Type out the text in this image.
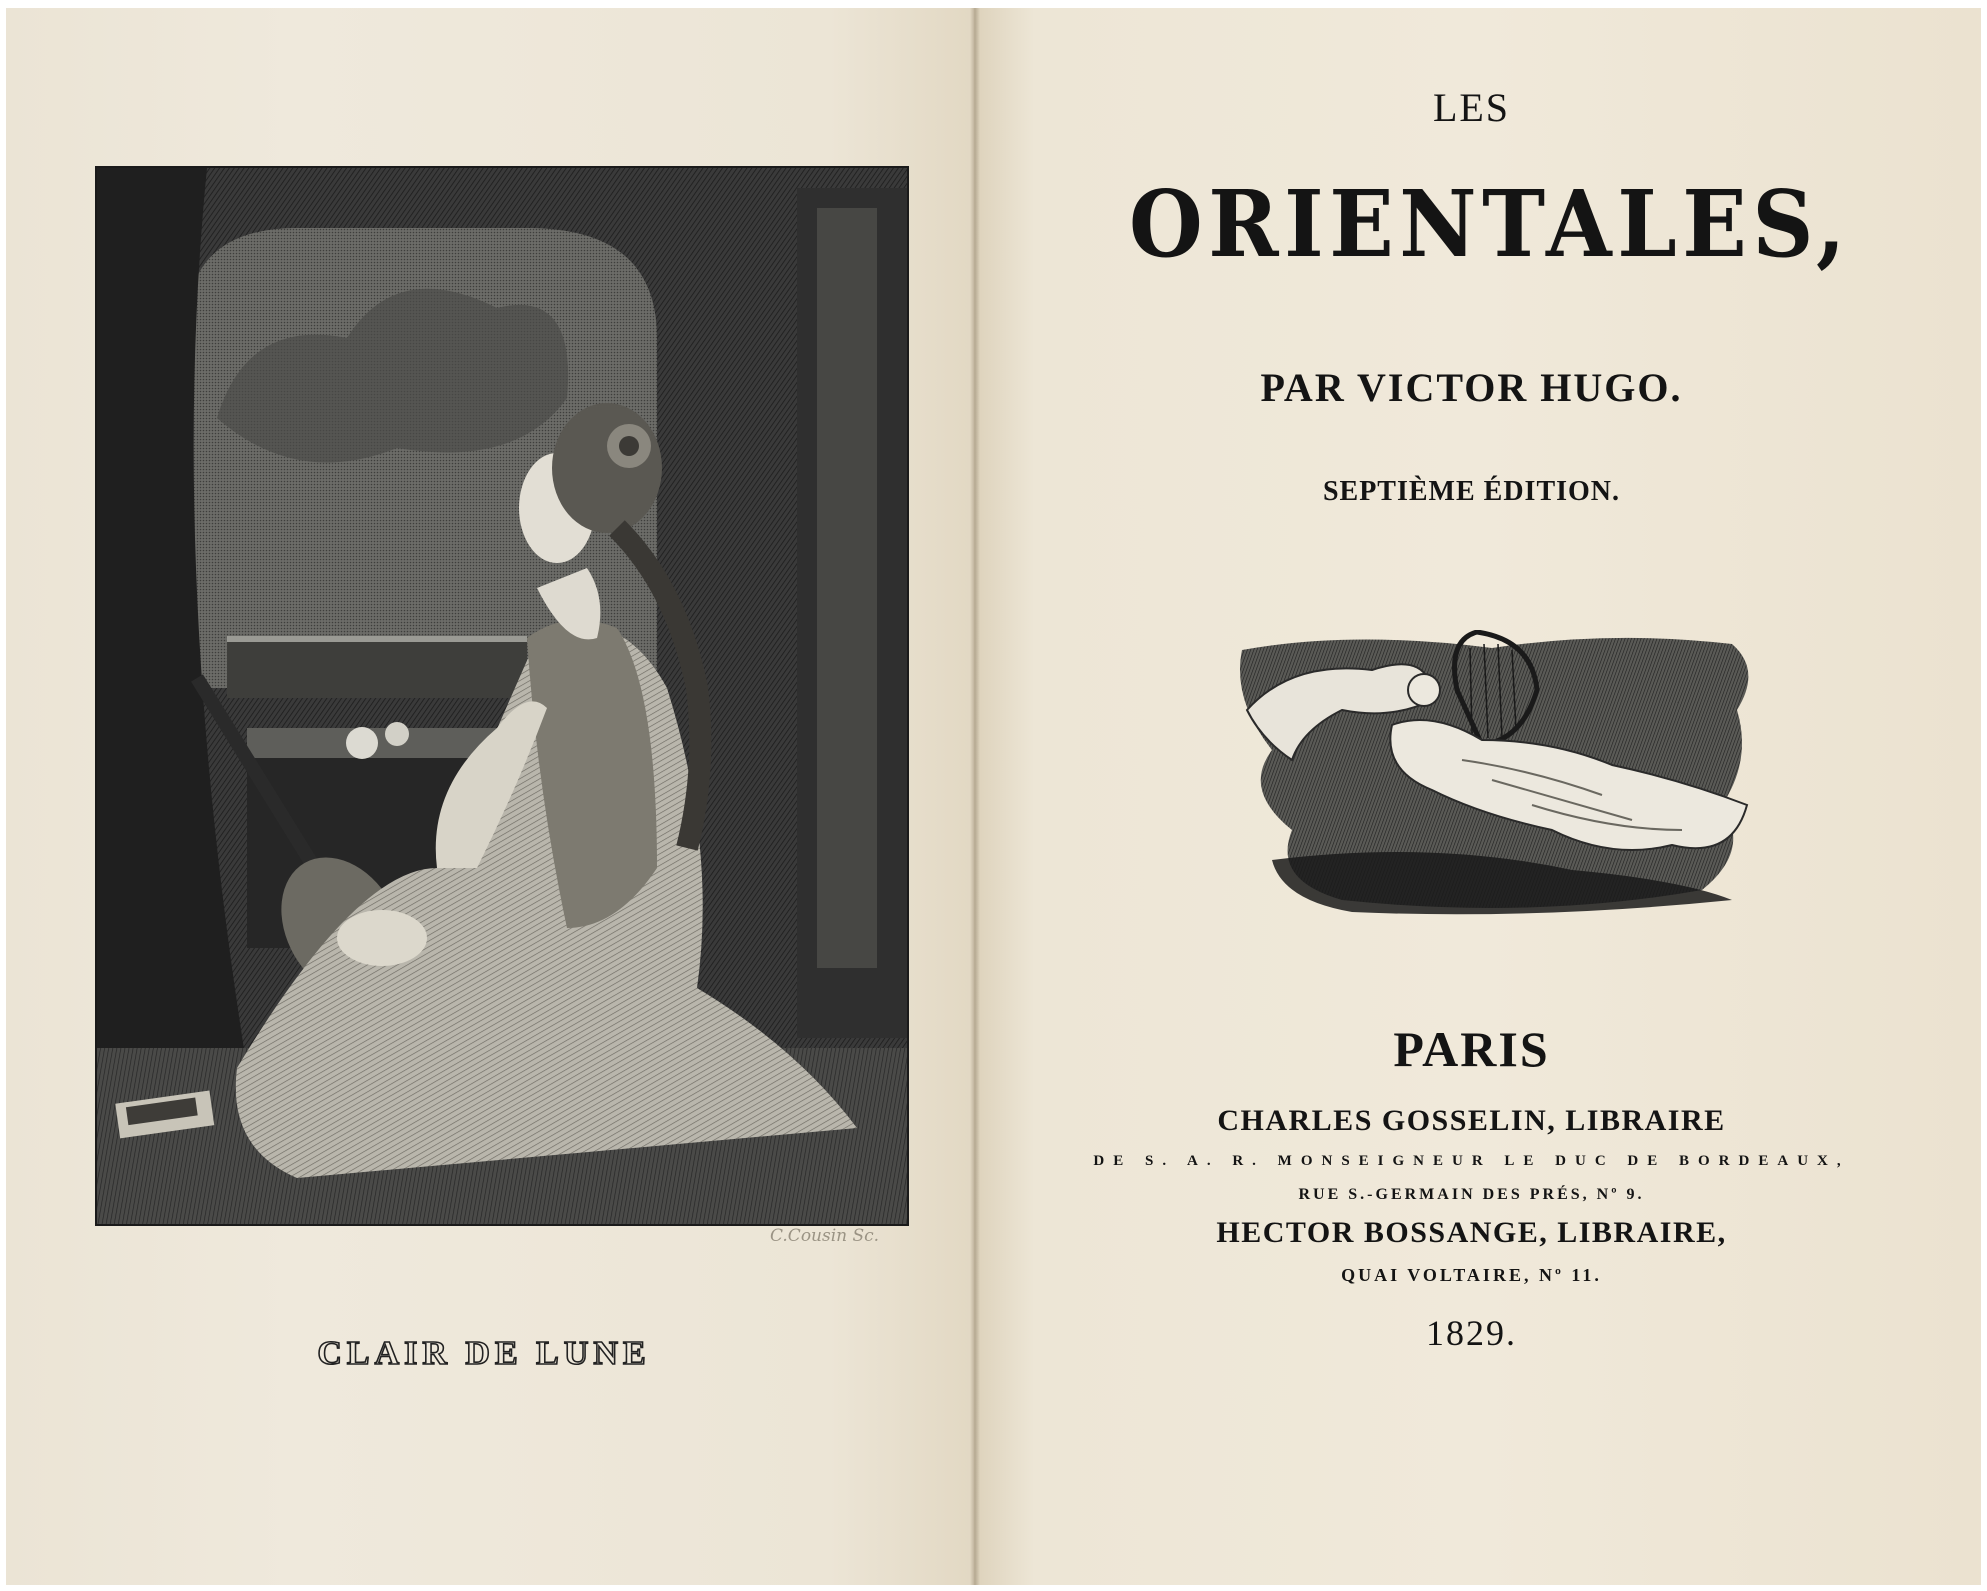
C.Cousin Sc.
CLAIR DE LUNE
LES
ORIENTALES,
PAR VICTOR HUGO.
SEPTIÈME ÉDITION.
PARIS
CHARLES GOSSELIN, LIBRAIRE
DE S. A. R. MONSEIGNEUR LE DUC DE BORDEAUX,
RUE S.-GERMAIN DES PRÉS, Nº 9.
HECTOR BOSSANGE, LIBRAIRE,
QUAI VOLTAIRE, Nº 11.
1829.
